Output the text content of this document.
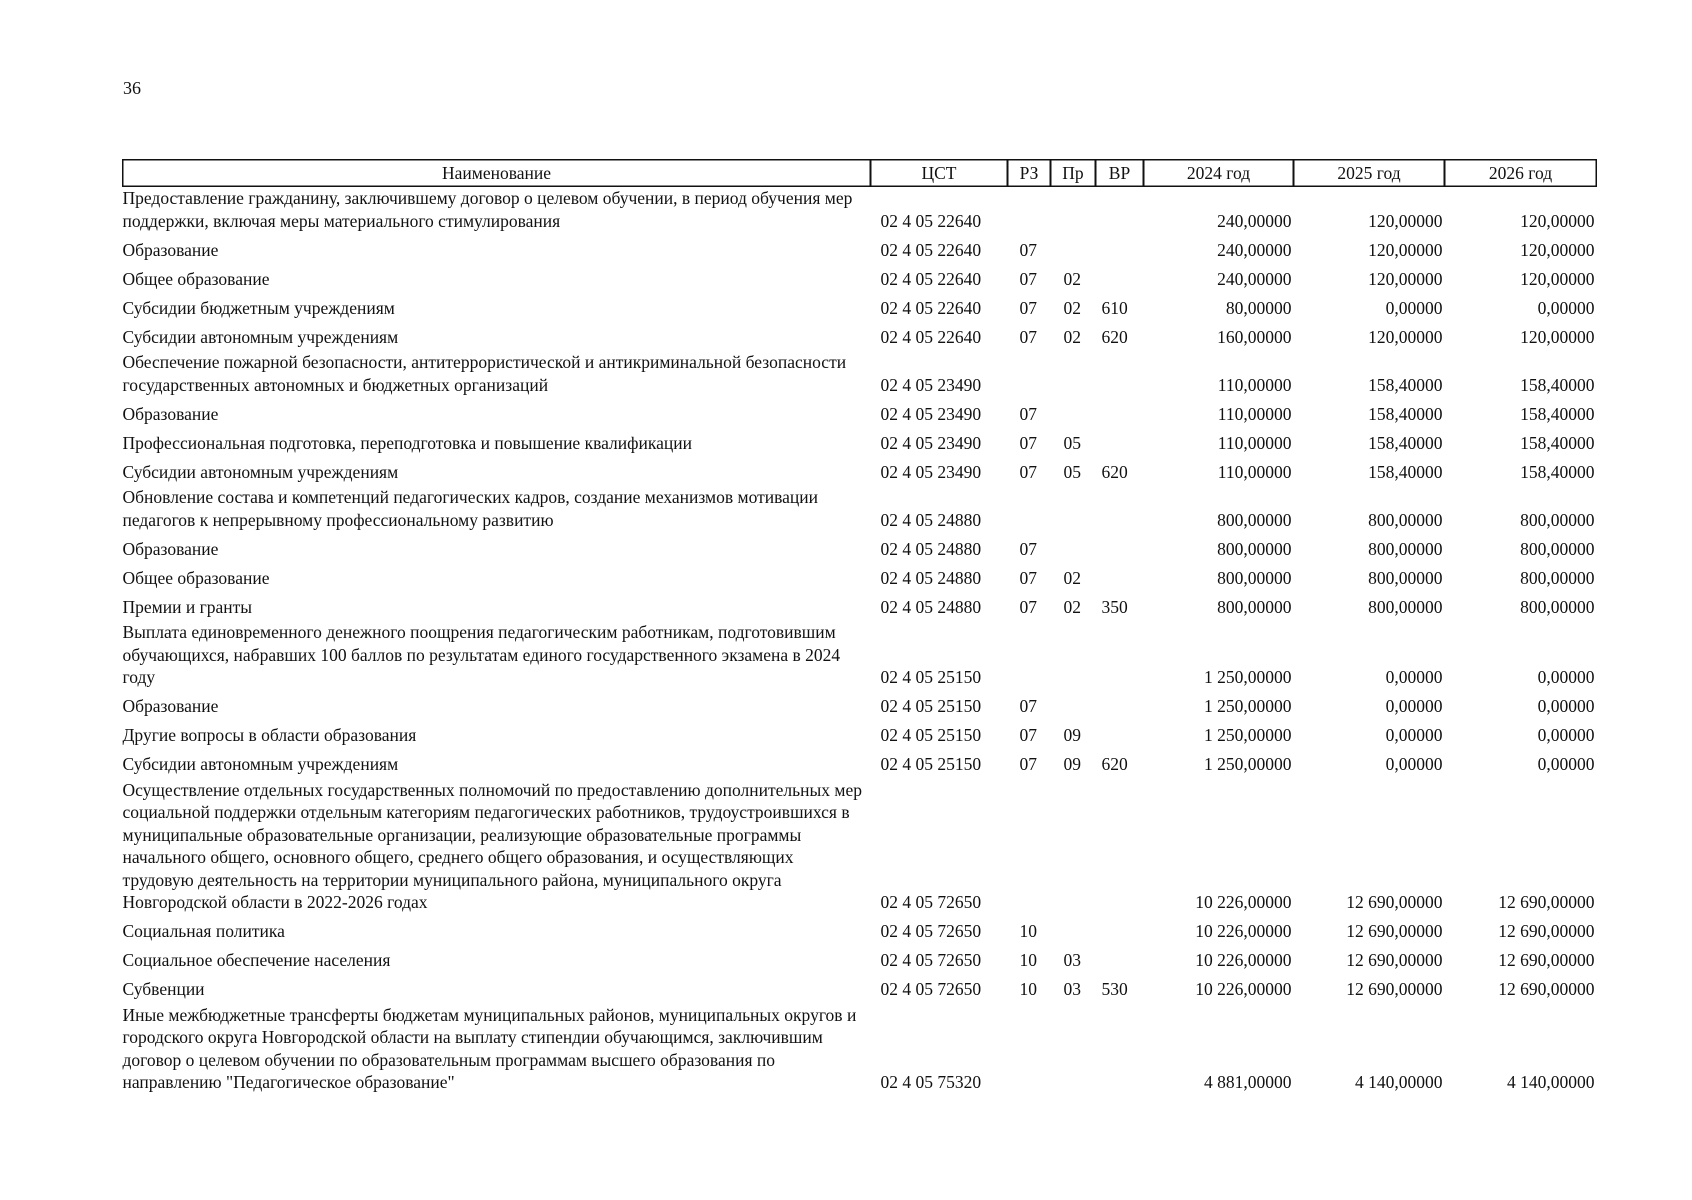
36
Наименование	ЦСТ	РЗ	Пр	ВР	2024 год	2025 год	2026 год
Предоставление гражданину, заключившему договор о целевом обучении, в период обучения мер поддержки, включая меры материального стимулирования	02 4 05 22640				240,00000	120,00000	120,00000
Образование	02 4 05 22640	07			240,00000	120,00000	120,00000
Общее образование	02 4 05 22640	07	02		240,00000	120,00000	120,00000
Субсидии бюджетным учреждениям	02 4 05 22640	07	02	610	80,00000	0,00000	0,00000
Субсидии автономным учреждениям	02 4 05 22640	07	02	620	160,00000	120,00000	120,00000
Обеспечение пожарной безопасности, антитеррористической и антикриминальной безопасности государственных автономных и бюджетных организаций	02 4 05 23490				110,00000	158,40000	158,40000
Образование	02 4 05 23490	07			110,00000	158,40000	158,40000
Профессиональная подготовка, переподготовка и повышение квалификации	02 4 05 23490	07	05		110,00000	158,40000	158,40000
Субсидии автономным учреждениям	02 4 05 23490	07	05	620	110,00000	158,40000	158,40000
Обновление состава и компетенций педагогических кадров, создание механизмов мотивации педагогов к непрерывному профессиональному развитию	02 4 05 24880				800,00000	800,00000	800,00000
Образование	02 4 05 24880	07			800,00000	800,00000	800,00000
Общее образование	02 4 05 24880	07	02		800,00000	800,00000	800,00000
Премии и гранты	02 4 05 24880	07	02	350	800,00000	800,00000	800,00000
Выплата единовременного денежного поощрения педагогическим работникам, подготовившим обучающихся, набравших 100 баллов по результатам единого государственного экзамена в 2024 году	02 4 05 25150				1 250,00000	0,00000	0,00000
Образование	02 4 05 25150	07			1 250,00000	0,00000	0,00000
Другие вопросы в области образования	02 4 05 25150	07	09		1 250,00000	0,00000	0,00000
Субсидии автономным учреждениям	02 4 05 25150	07	09	620	1 250,00000	0,00000	0,00000
Осуществление отдельных государственных полномочий по предоставлению дополнительных мер социальной поддержки отдельным категориям педагогических работников, трудоустроившихся в муниципальные образовательные организации, реализующие образовательные программы начального общего, основного общего, среднего общего образования, и осуществляющих трудовую деятельность на территории муниципального района, муниципального округа Новгородской области в 2022-2026 годах	02 4 05 72650				10 226,00000	12 690,00000	12 690,00000
Социальная политика	02 4 05 72650	10			10 226,00000	12 690,00000	12 690,00000
Социальное обеспечение населения	02 4 05 72650	10	03		10 226,00000	12 690,00000	12 690,00000
Субвенции	02 4 05 72650	10	03	530	10 226,00000	12 690,00000	12 690,00000
Иные межбюджетные трансферты бюджетам муниципальных районов, муниципальных округов и городского округа Новгородской области на выплату стипендии обучающимся, заключившим договор о целевом обучении по образовательным программам высшего образования по направлению "Педагогическое образование"	02 4 05 75320				4 881,00000	4 140,00000	4 140,00000
